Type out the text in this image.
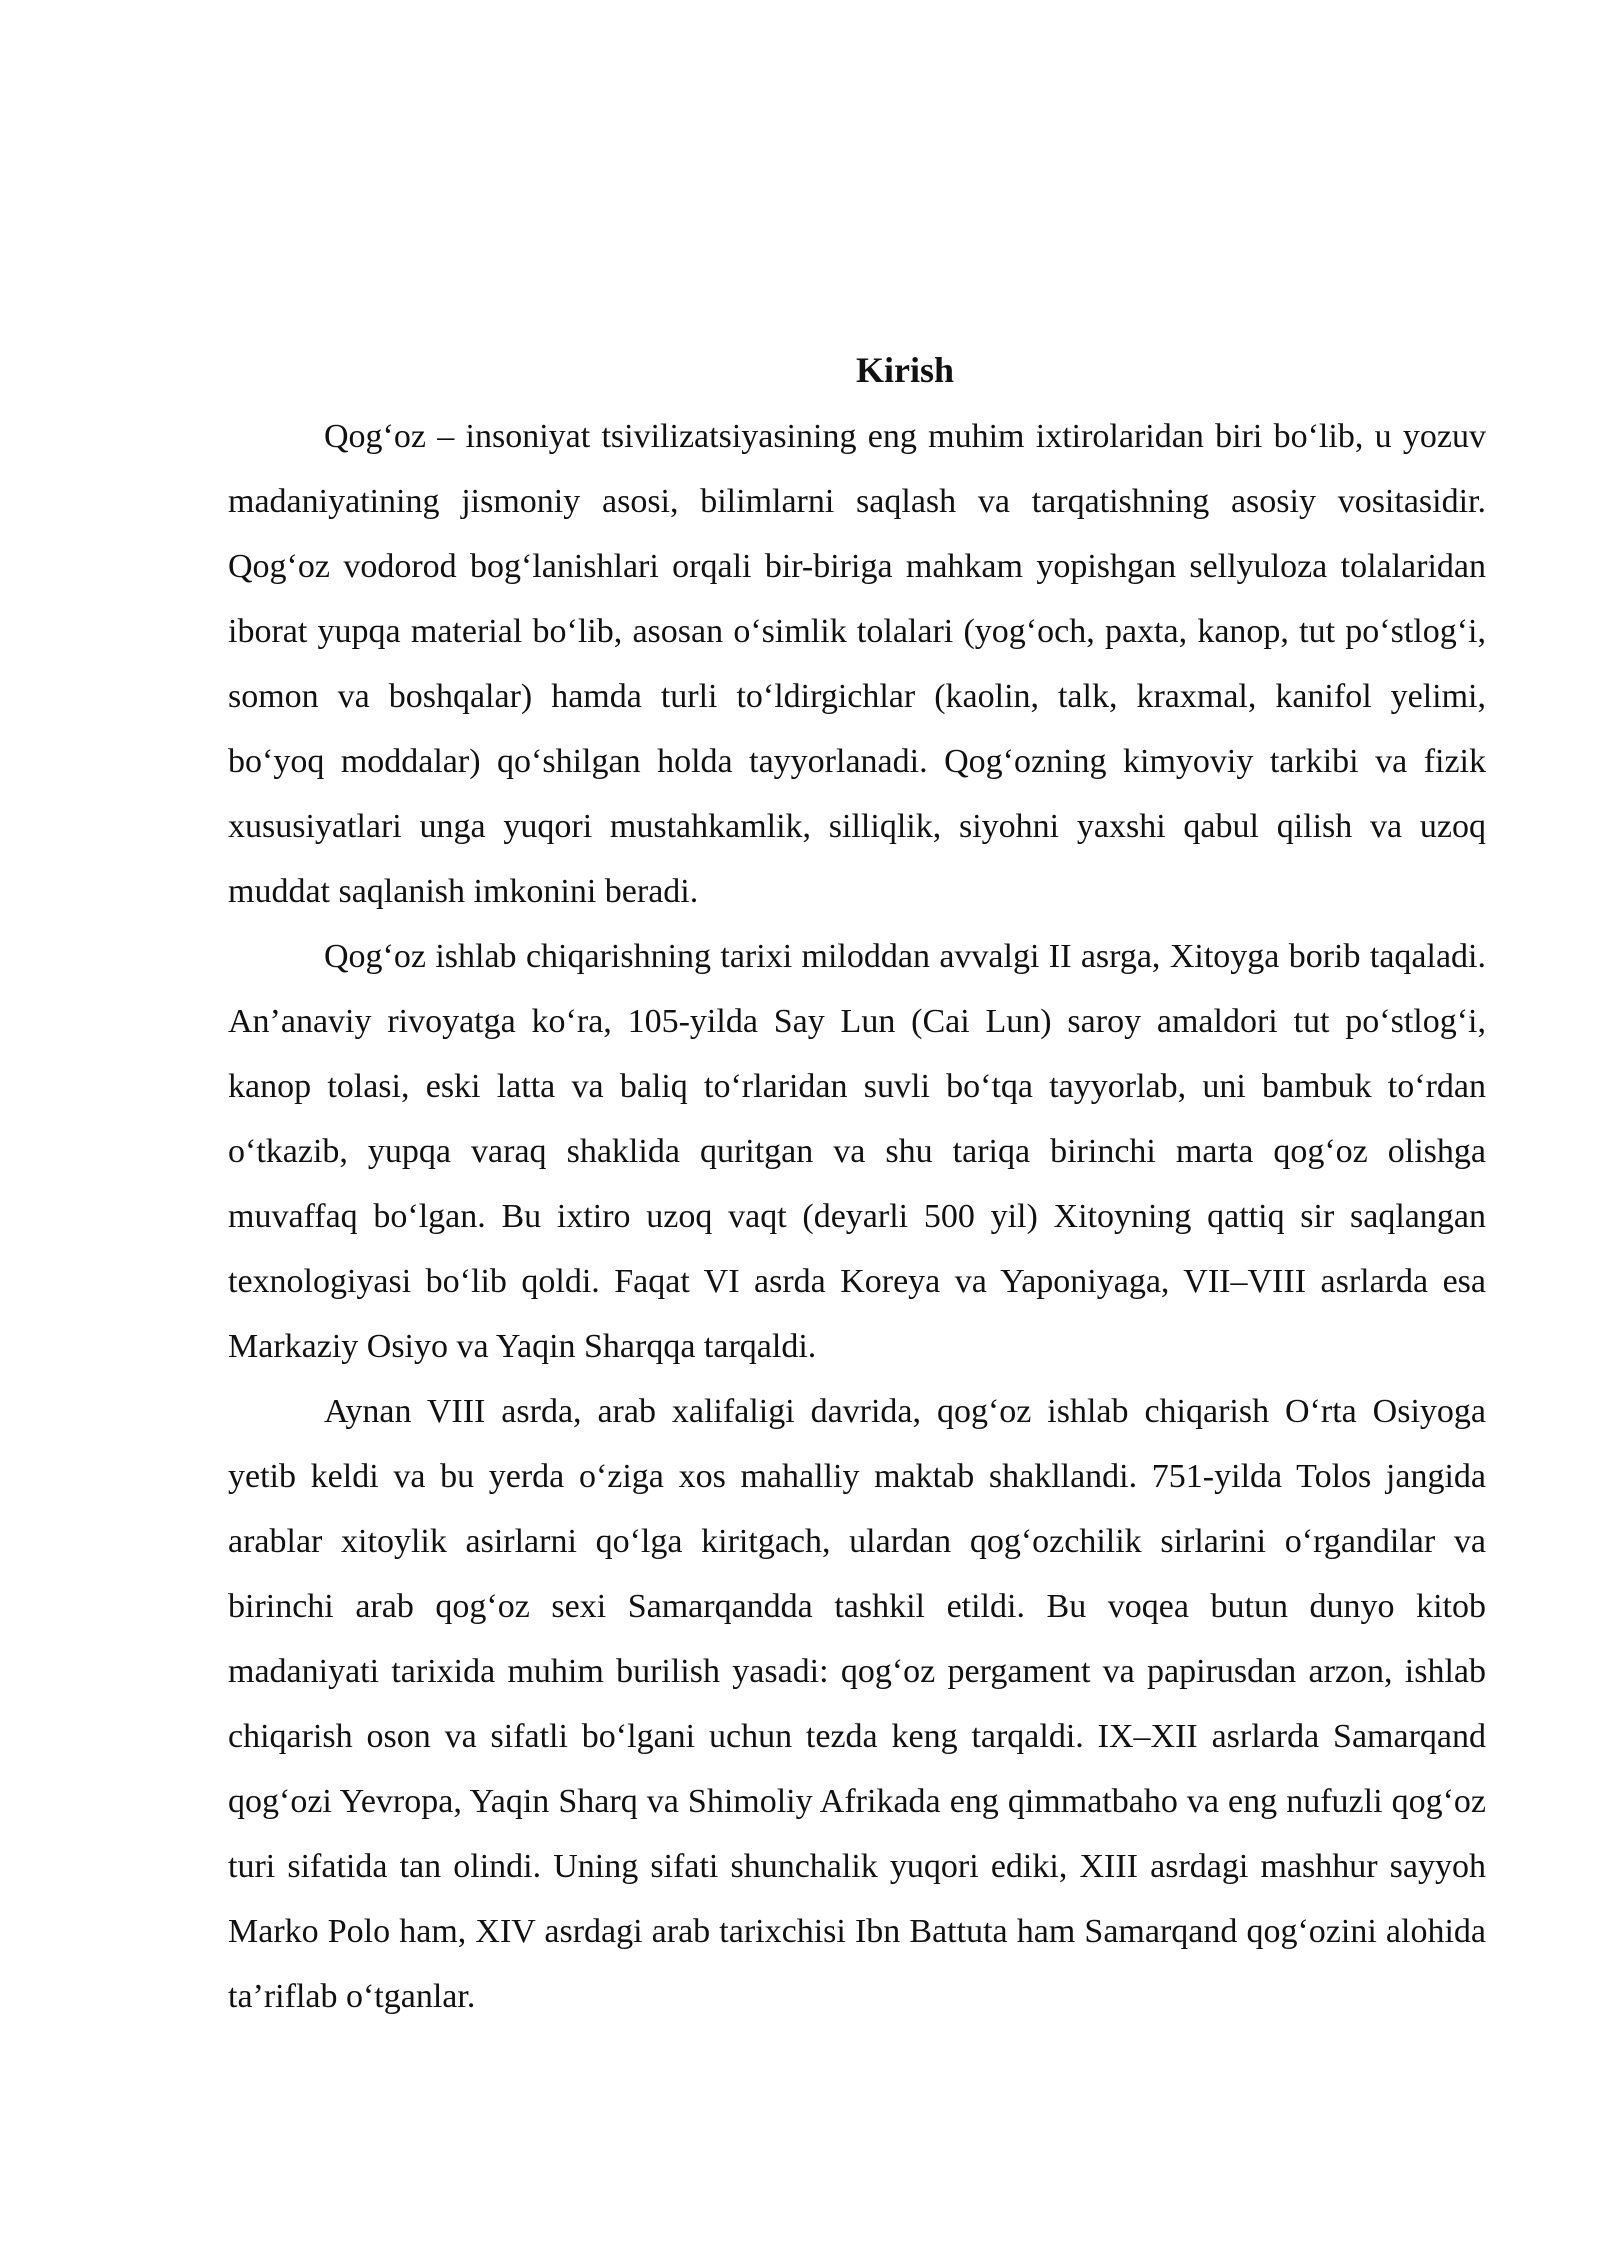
Kirish

Qog‘oz – insoniyat tsivilizatsiyasining eng muhim ixtirolaridan biri bo‘lib, u yozuv madaniyatining jismoniy asosi, bilimlarni saqlash va tarqatishning asosiy vositasidir. Qog‘oz vodorod bog‘lanishlari orqali bir-biriga mahkam yopishgan sellyuloza tolalaridan iborat yupqa material bo‘lib, asosan o‘simlik tolalari (yog‘och, paxta, kanop, tut po‘stlog‘i, somon va boshqalar) hamda turli to‘ldirgichlar (kaolin, talk, kraxmal, kanifol yelimi, bo‘yoq moddalar) qo‘shilgan holda tayyorlanadi. Qog‘ozning kimyoviy tarkibi va fizik xususiyatlari unga yuqori mustahkamlik, silliqlik, siyohni yaxshi qabul qilish va uzoq muddat saqlanish imkonini beradi.

Qog‘oz ishlab chiqarishning tarixi miloddan avvalgi II asrga, Xitoyga borib taqaladi. An’anaviy rivoyatga ko‘ra, 105-yilda Say Lun (Cai Lun) saroy amaldori tut po‘stlog‘i, kanop tolasi, eski latta va baliq to‘rlaridan suvli bo‘tqa tayyorlab, uni bambuk to‘rdan o‘tkazib, yupqa varaq shaklida quritgan va shu tariqa birinchi marta qog‘oz olishga muvaffaq bo‘lgan. Bu ixtiro uzoq vaqt (deyarli 500 yil) Xitoyning qattiq sir saqlangan texnologiyasi bo‘lib qoldi. Faqat VI asrda Koreya va Yaponiyaga, VII–VIII asrlarda esa Markaziy Osiyo va Yaqin Sharqqa tarqaldi.

Aynan VIII asrda, arab xalifaligi davrida, qog‘oz ishlab chiqarish O‘rta Osiyoga yetib keldi va bu yerda o‘ziga xos mahalliy maktab shakllandi. 751-yilda Tolos jangida arablar xitoylik asirlarni qo‘lga kiritgach, ulardan qog‘ozchilik sirlarini o‘rgandilar va birinchi arab qog‘oz sexi Samarqandda tashkil etildi. Bu voqea butun dunyo kitob madaniyati tarixida muhim burilish yasadi: qog‘oz pergament va papirusdan arzon, ishlab chiqarish oson va sifatli bo‘lgani uchun tezda keng tarqaldi. IX–XII asrlarda Samarqand qog‘ozi Yevropa, Yaqin Sharq va Shimoliy Afrikada eng qimmatbaho va eng nufuzli qog‘oz turi sifatida tan olindi. Uning sifati shunchalik yuqori ediki, XIII asrdagi mashhur sayyoh Marko Polo ham, XIV asrdagi arab tarixchisi Ibn Battuta ham Samarqand qog‘ozini alohida ta’riflab o‘tganlar.
